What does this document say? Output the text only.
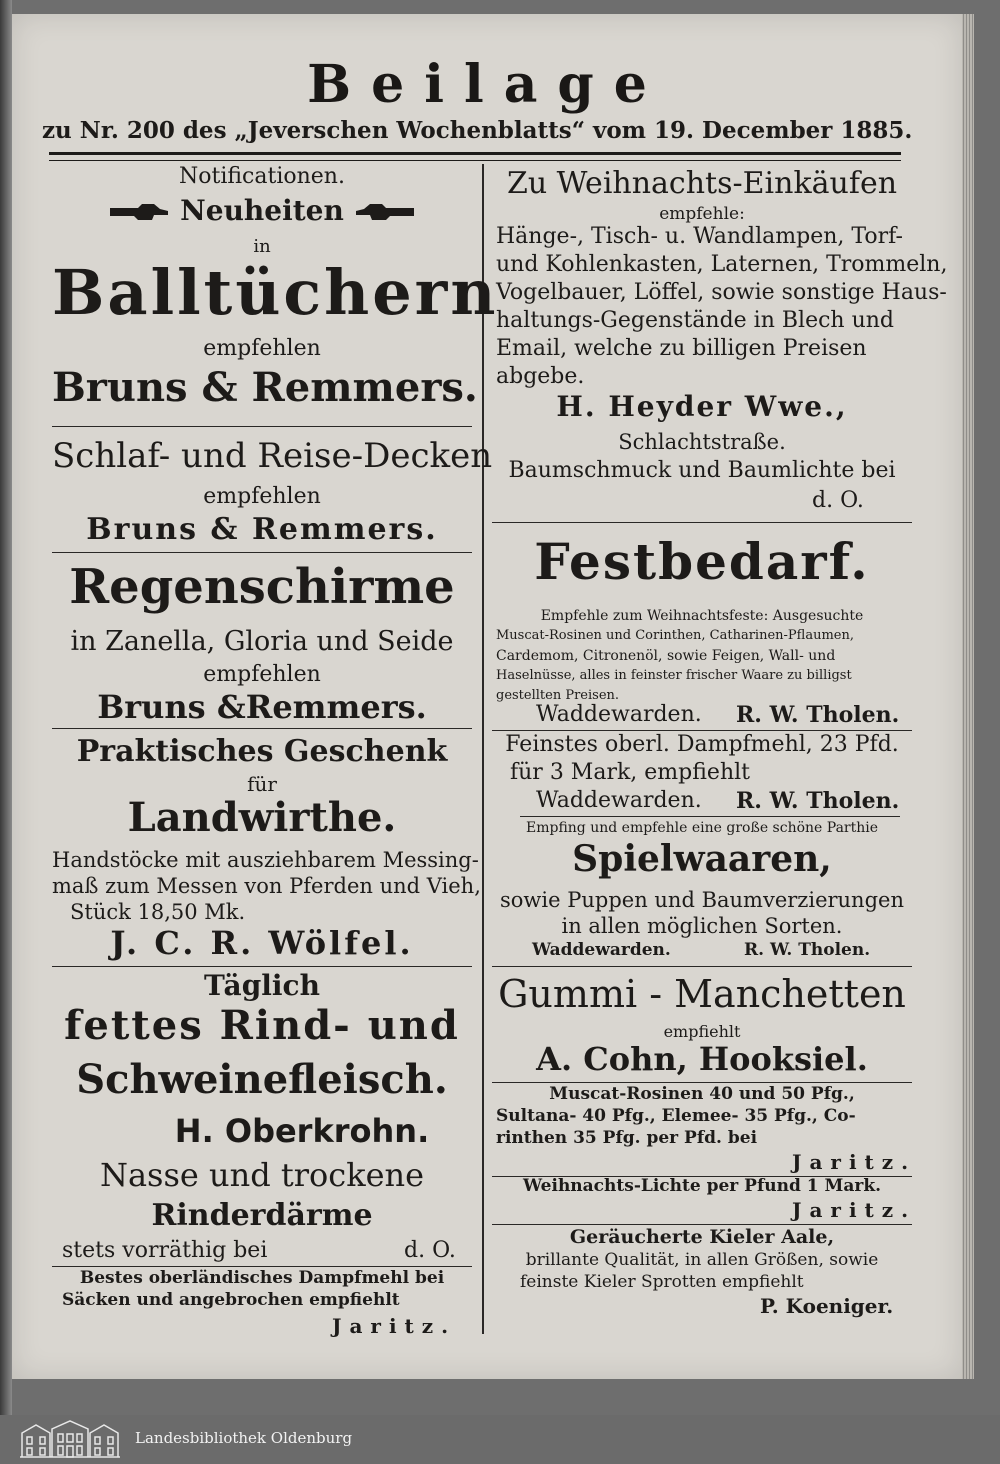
Beilage
zu Nr. 200 des „Jeverschen Wochenblatts“ vom 19. December 1885.
Notificationen.
Neuheiten
in
Balltüchern
empfehlen
Bruns & Remmers.
Schlaf- und Reise-Decken
empfehlen
Bruns & Remmers.
Regenschirme
in Zanella, Gloria und Seide
empfehlen
Bruns &Remmers.
Praktisches Geschenk
für
Landwirthe.
Handstöcke mit ausziehbarem Messing-
maß zum Messen von Pferden und Vieh,
Stück 18,50 Mk.
J. C. R. Wölfel.
Täglich
fettes Rind- und
Schweinefleisch.
H. Oberkrohn.
Nasse und trockene
Rinderdärme
stets vorräthig bei	d. O.
Bestes oberländisches Dampfmehl bei
Säcken und angebrochen empfiehlt
Jaritz.
Zu Weihnachts-Einkäufen
empfehle:
Hänge-, Tisch- u. Wandlampen, Torf-
und Kohlenkasten, Laternen, Trommeln,
Vogelbauer, Löffel, sowie sonstige Haus-
haltungs-Gegenstände in Blech und
Email, welche zu billigen Preisen
abgebe.
H. Heyder Wwe.,
Schlachtstraße.
Baumschmuck und Baumlichte bei
d. O.
Festbedarf.
Empfehle zum Weihnachtsfeste: Ausgesuchte
Muscat-Rosinen und Corinthen, Catharinen-Pflaumen,
Cardemom, Citronenöl, sowie Feigen, Wall- und
Haselnüsse, alles in feinster frischer Waare zu billigst
gestellten Preisen.
Waddewarden. R. W. Tholen.
Feinstes oberl. Dampfmehl, 23 Pfd.
für 3 Mark, empfiehlt
Waddewarden. R. W. Tholen.
Empfing und empfehle eine große schöne Parthie
Spielwaaren,
sowie Puppen und Baumverzierungen
in allen möglichen Sorten.
Waddewarden.	R. W. Tholen.
Gummi - Manchetten
empfiehlt
A. Cohn, Hooksiel.
Muscat-Rosinen 40 und 50 Pfg.,
Sultana- 40 Pfg., Elemee- 35 Pfg., Co-
rinthen 35 Pfg. per Pfd. bei
Jaritz.
Weihnachts-Lichte per Pfund 1 Mark.
Jaritz.
Geräucherte Kieler Aale,
brillante Qualität, in allen Größen, sowie
feinste Kieler Sprotten empfiehlt
P. Koeniger.
Landesbibliothek Oldenburg
